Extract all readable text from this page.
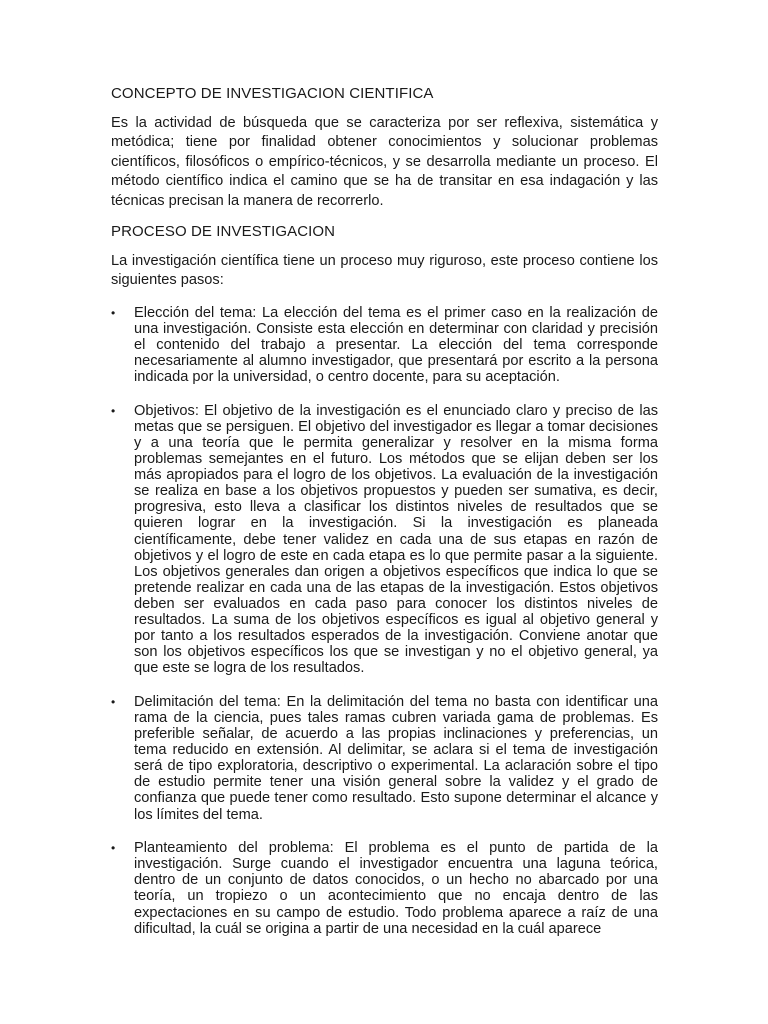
CONCEPTO DE INVESTIGACION CIENTIFICA

Es la actividad de búsqueda que se caracteriza por ser reflexiva, sistemática y metódica; tiene por finalidad obtener conocimientos y solucionar problemas científicos, filosóficos o empírico-técnicos, y se desarrolla mediante un proceso. El método científico indica el camino que se ha de transitar en esa indagación y las técnicas precisan la manera de recorrerlo.

PROCESO DE INVESTIGACION

La investigación científica tiene un proceso muy riguroso, este proceso contiene los siguientes pasos:

• Elección del tema: La elección del tema es el primer caso en la realización de una investigación. Consiste esta elección en determinar con claridad y precisión el contenido del trabajo a presentar. La elección del tema corresponde necesariamente al alumno investigador, que presentará por escrito a la persona indicada por la universidad, o centro docente, para su aceptación.
• Objetivos: El objetivo de la investigación es el enunciado claro y preciso de las metas que se persiguen. El objetivo del investigador es llegar a tomar decisiones y a una teoría que le permita generalizar y resolver en la misma forma problemas semejantes en el futuro. Los métodos que se elijan deben ser los más apropiados para el logro de los objetivos. La evaluación de la investigación se realiza en base a los objetivos propuestos y pueden ser sumativa, es decir, progresiva, esto lleva a clasificar los distintos niveles de resultados que se quieren lograr en la investigación. Si la investigación es planeada científicamente, debe tener validez en cada una de sus etapas en razón de objetivos y el logro de este en cada etapa es lo que permite pasar a la siguiente. Los objetivos generales dan origen a objetivos específicos que indica lo que se pretende realizar en cada una de las etapas de la investigación. Estos objetivos deben ser evaluados en cada paso para conocer los distintos niveles de resultados. La suma de los objetivos específicos es igual al objetivo general y por tanto a los resultados esperados de la investigación. Conviene anotar que son los objetivos específicos los que se investigan y no el objetivo general, ya que este se logra de los resultados.
• Delimitación del tema: En la delimitación del tema no basta con identificar una rama de la ciencia, pues tales ramas cubren variada gama de problemas. Es preferible señalar, de acuerdo a las propias inclinaciones y preferencias, un tema reducido en extensión. Al delimitar, se aclara si el tema de investigación será de tipo exploratoria, descriptivo o experimental. La aclaración sobre el tipo de estudio permite tener una visión general sobre la validez y el grado de confianza que puede tener como resultado. Esto supone determinar el alcance y los límites del tema.
• Planteamiento del problema: El problema es el punto de partida de la investigación. Surge cuando el investigador encuentra una laguna teórica, dentro de un conjunto de datos conocidos, o un hecho no abarcado por una teoría, un tropiezo o un acontecimiento que no encaja dentro de las expectaciones en su campo de estudio. Todo problema aparece a raíz de una dificultad, la cuál se origina a partir de una necesidad en la cuál aparece
